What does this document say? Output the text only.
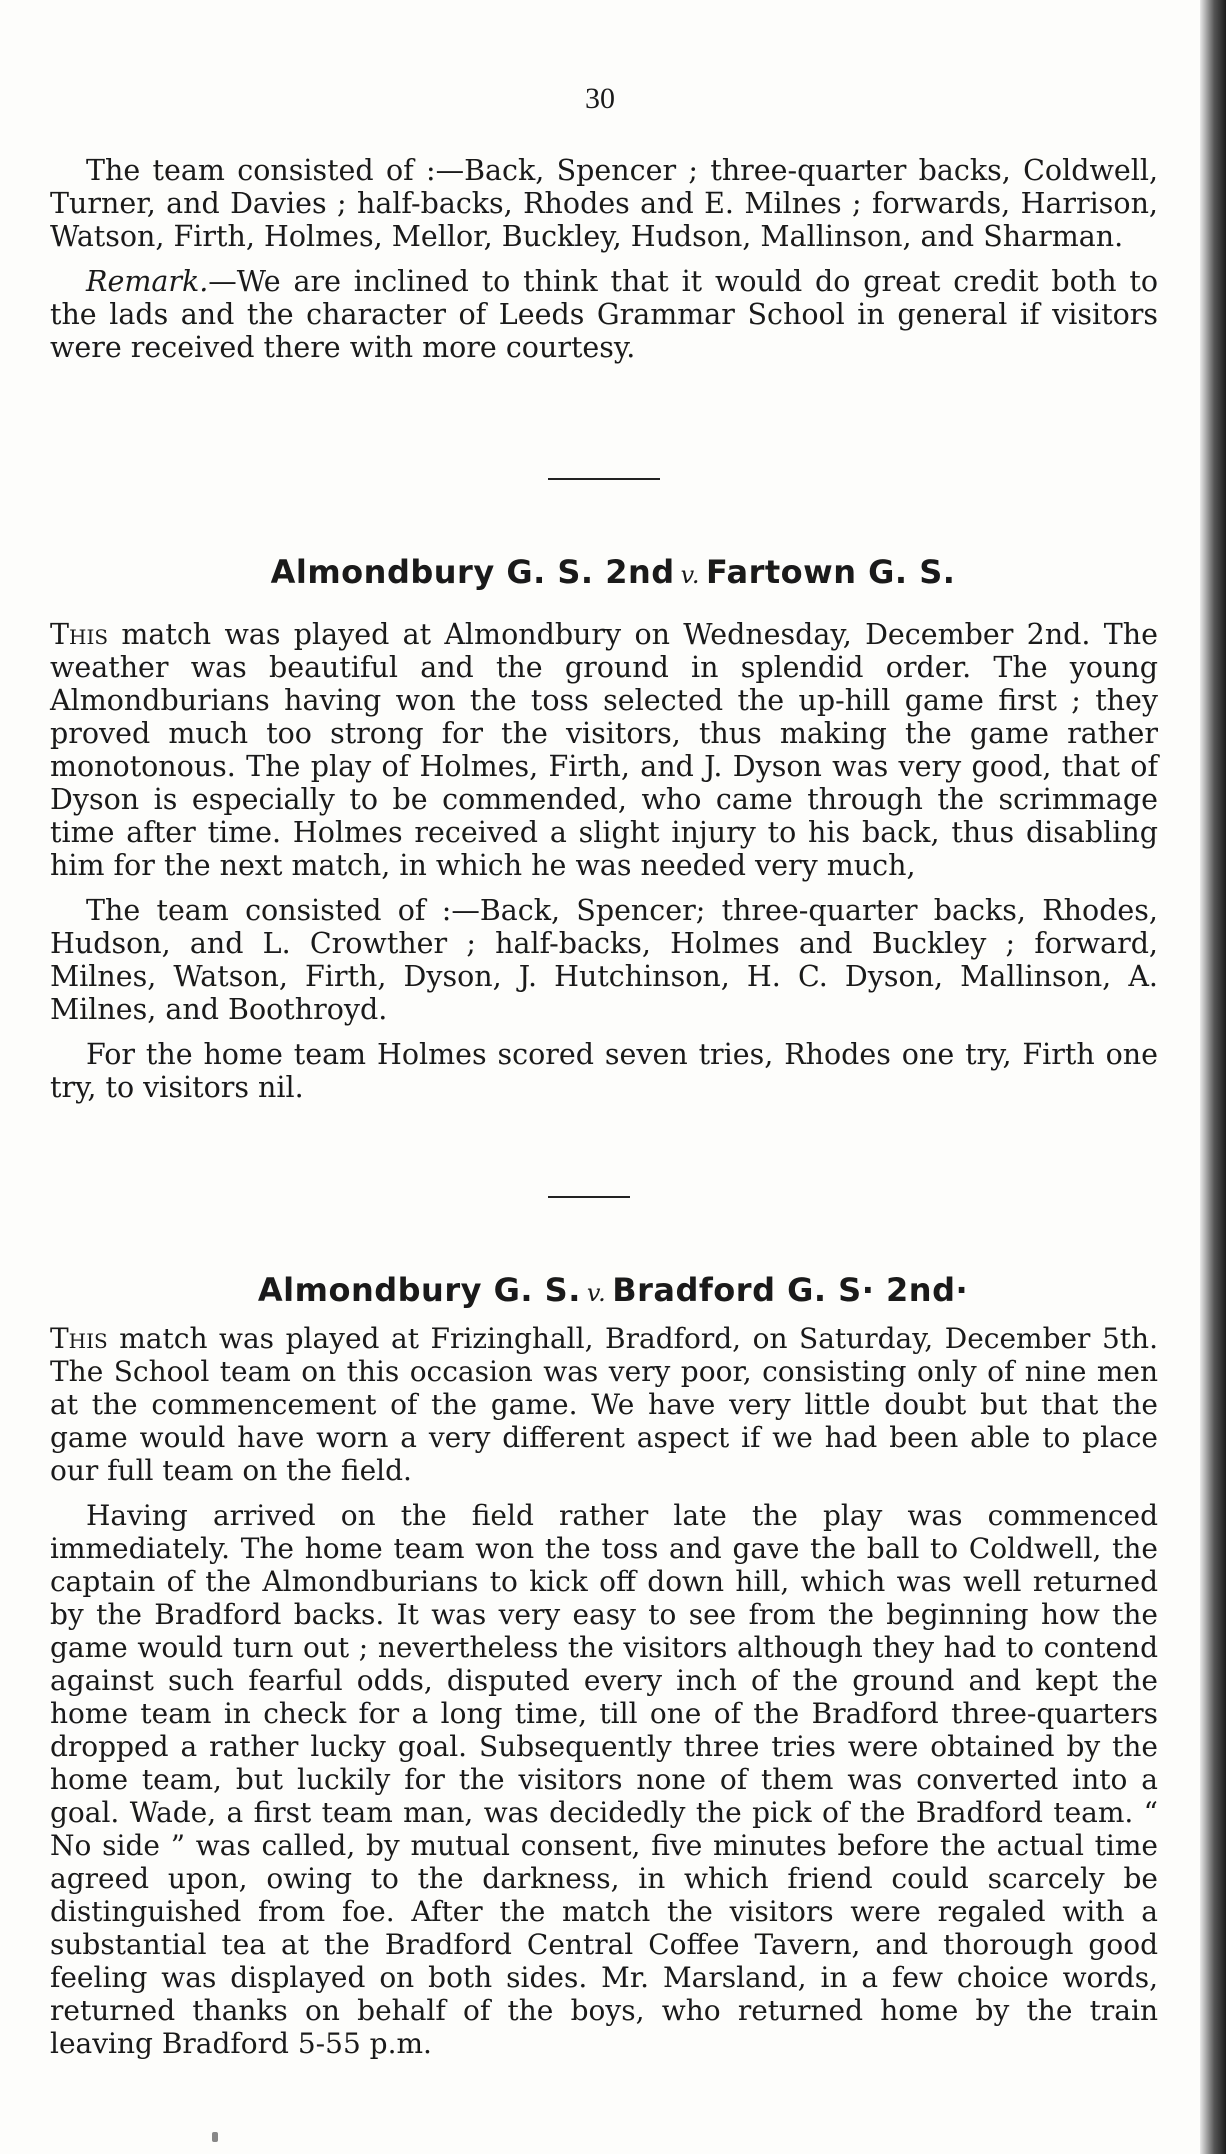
30

The team consisted of :—Back, Spencer ; three-quarter backs, Coldwell, Turner, and Davies ; half-backs, Rhodes and E. Milnes ; forwards, Harrison, Watson, Firth, Holmes, Mellor, Buckley, Hudson, Mallinson, and Sharman.

Remark.—We are inclined to think that it would do great credit both to the lads and the character of Leeds Grammar School in general if visitors were received there with more courtesy.

Almondbury G. S. 2nd v. Fartown G. S.

This match was played at Almondbury on Wednesday, December 2nd. The weather was beautiful and the ground in splendid order. The young Almondburians having won the toss selected the up-hill game first ; they proved much too strong for the visitors, thus making the game rather monotonous. The play of Holmes, Firth, and J. Dyson was very good, that of Dyson is especially to be commended, who came through the scrimmage time after time. Holmes received a slight injury to his back, thus disabling him for the next match, in which he was needed very much,

The team consisted of :—Back, Spencer; three-quarter backs, Rhodes, Hudson, and L. Crowther ; half-backs, Holmes and Buckley ; forward, Milnes, Watson, Firth, Dyson, J. Hutchinson, H. C. Dyson, Mallinson, A. Milnes, and Boothroyd.

For the home team Holmes scored seven tries, Rhodes one try, Firth one try, to visitors nil.

Almondbury G. S. v. Bradford G. S· 2nd·

This match was played at Frizinghall, Bradford, on Saturday, December 5th. The School team on this occasion was very poor, consisting only of nine men at the commencement of the game. We have very little doubt but that the game would have worn a very different aspect if we had been able to place our full team on the field.

Having arrived on the field rather late the play was commenced immediately. The home team won the toss and gave the ball to Coldwell, the captain of the Almondburians to kick off down hill, which was well returned by the Bradford backs. It was very easy to see from the beginning how the game would turn out ; nevertheless the visitors although they had to contend against such fearful odds, disputed every inch of the ground and kept the home team in check for a long time, till one of the Bradford three-quarters dropped a rather lucky goal. Subsequently three tries were obtained by the home team, but luckily for the visitors none of them was converted into a goal. Wade, a first team man, was decidedly the pick of the Bradford team. “ No side ” was called, by mutual consent, five minutes before the actual time agreed upon, owing to the darkness, in which friend could scarcely be distinguished from foe. After the match the visitors were regaled with a substantial tea at the Bradford Central Coffee Tavern, and thorough good feeling was displayed on both sides. Mr. Marsland, in a few choice words, returned thanks on behalf of the boys, who returned home by the train leaving Bradford 5-55 p.m.
